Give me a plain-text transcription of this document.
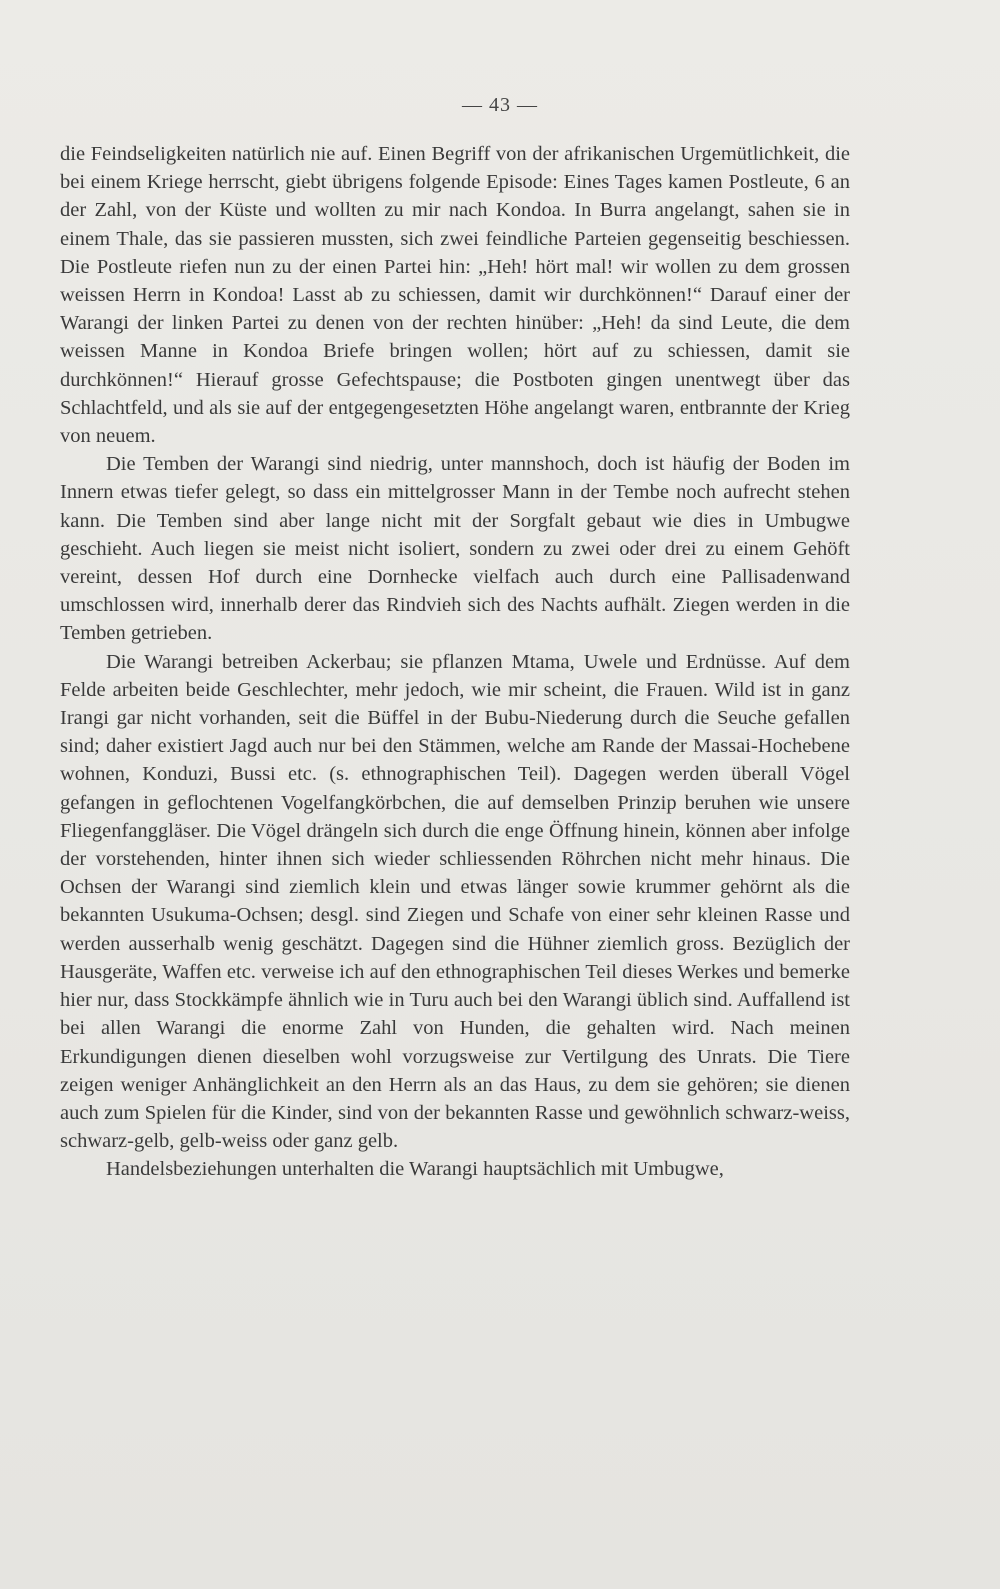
— 43 —

die Feindseligkeiten natürlich nie auf. Einen Begriff von der afrikanischen Urgemütlichkeit, die bei einem Kriege herrscht, giebt übrigens folgende Episode: Eines Tages kamen Postleute, 6 an der Zahl, von der Küste und wollten zu mir nach Kondoa. In Burra angelangt, sahen sie in einem Thale, das sie passieren mussten, sich zwei feindliche Parteien gegenseitig beschiessen. Die Postleute riefen nun zu der einen Partei hin: „Heh! hört mal! wir wollen zu dem grossen weissen Herrn in Kondoa! Lasst ab zu schiessen, damit wir durchkönnen!“ Darauf einer der Warangi der linken Partei zu denen von der rechten hinüber: „Heh! da sind Leute, die dem weissen Manne in Kondoa Briefe bringen wollen; hört auf zu schiessen, damit sie durchkönnen!“ Hierauf grosse Gefechtspause; die Postboten gingen unentwegt über das Schlachtfeld, und als sie auf der entgegengesetzten Höhe angelangt waren, entbrannte der Krieg von neuem.

Die Temben der Warangi sind niedrig, unter mannshoch, doch ist häufig der Boden im Innern etwas tiefer gelegt, so dass ein mittelgrosser Mann in der Tembe noch aufrecht stehen kann. Die Temben sind aber lange nicht mit der Sorgfalt gebaut wie dies in Umbugwe geschieht. Auch liegen sie meist nicht isoliert, sondern zu zwei oder drei zu einem Gehöft vereint, dessen Hof durch eine Dornhecke vielfach auch durch eine Pallisadenwand umschlossen wird, innerhalb derer das Rindvieh sich des Nachts aufhält. Ziegen werden in die Temben getrieben.

Die Warangi betreiben Ackerbau; sie pflanzen Mtama, Uwele und Erdnüsse. Auf dem Felde arbeiten beide Geschlechter, mehr jedoch, wie mir scheint, die Frauen. Wild ist in ganz Irangi gar nicht vorhanden, seit die Büffel in der Bubu-Niederung durch die Seuche gefallen sind; daher existiert Jagd auch nur bei den Stämmen, welche am Rande der Massai-Hochebene wohnen, Konduzi, Bussi etc. (s. ethnographischen Teil). Dagegen werden überall Vögel gefangen in geflochtenen Vogelfangkörbchen, die auf demselben Prinzip beruhen wie unsere Fliegenfanggläser. Die Vögel drängeln sich durch die enge Öffnung hinein, können aber infolge der vorstehenden, hinter ihnen sich wieder schliessenden Röhrchen nicht mehr hinaus. Die Ochsen der Warangi sind ziemlich klein und etwas länger sowie krummer gehörnt als die bekannten Usukuma-Ochsen; desgl. sind Ziegen und Schafe von einer sehr kleinen Rasse und werden ausserhalb wenig geschätzt. Dagegen sind die Hühner ziemlich gross. Bezüglich der Hausgeräte, Waffen etc. verweise ich auf den ethnographischen Teil dieses Werkes und bemerke hier nur, dass Stockkämpfe ähnlich wie in Turu auch bei den Warangi üblich sind. Auffallend ist bei allen Warangi die enorme Zahl von Hunden, die gehalten wird. Nach meinen Erkundigungen dienen dieselben wohl vorzugsweise zur Vertilgung des Unrats. Die Tiere zeigen weniger Anhänglichkeit an den Herrn als an das Haus, zu dem sie gehören; sie dienen auch zum Spielen für die Kinder, sind von der bekannten Rasse und gewöhnlich schwarz-weiss, schwarz-gelb, gelb-weiss oder ganz gelb.

Handelsbeziehungen unterhalten die Warangi hauptsächlich mit Umbugwe,
